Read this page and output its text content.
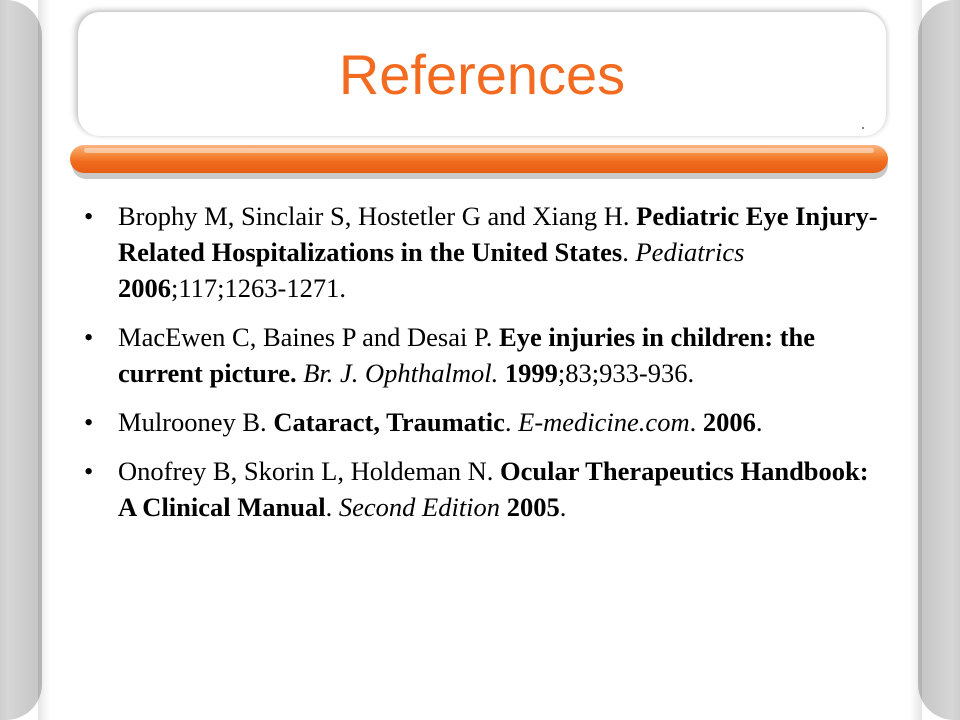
References
• Brophy M, Sinclair S, Hostetler G and Xiang H. Pediatric Eye Injury-Related Hospitalizations in the United States. Pediatrics 2006;117;1263-1271.
• MacEwen C, Baines P and Desai P. Eye injuries in children: the current picture. Br. J. Ophthalmol. 1999;83;933-936.
• Mulrooney B. Cataract, Traumatic. E-medicine.com. 2006.
• Onofrey B, Skorin L, Holdeman N. Ocular Therapeutics Handbook: A Clinical Manual. Second Edition 2005.
